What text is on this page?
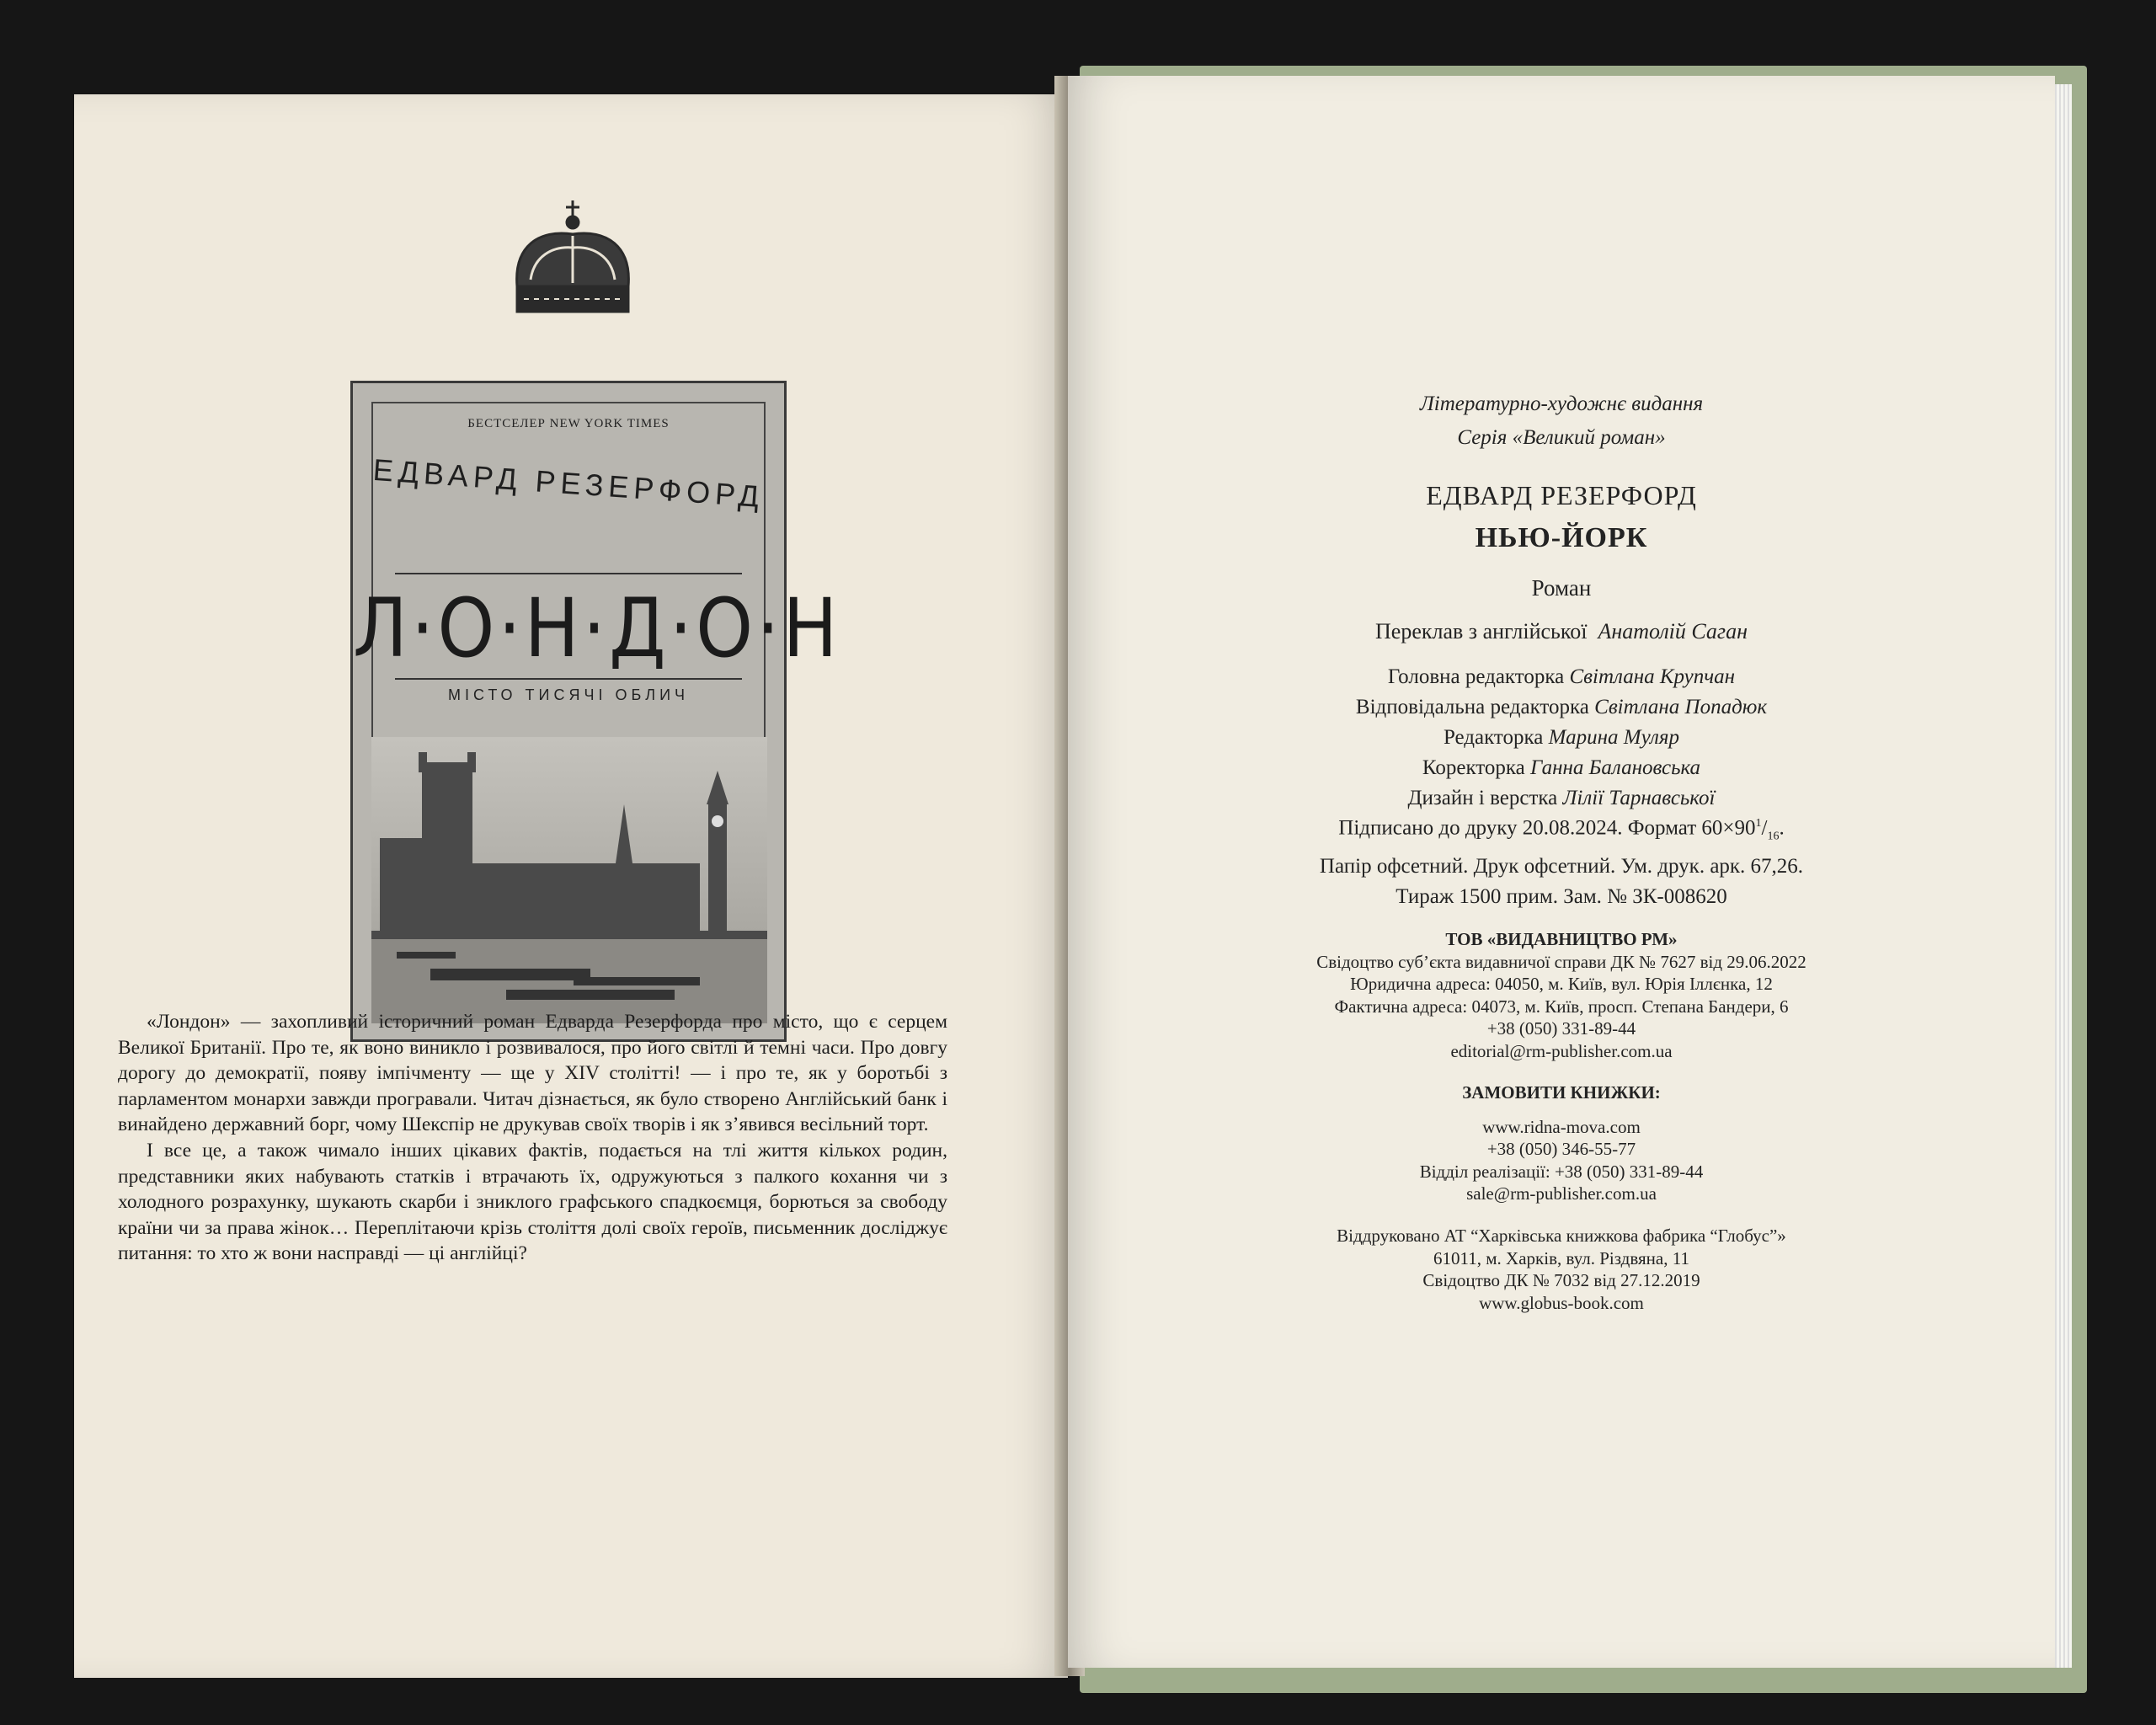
БЕСТСЕЛЕР NEW YORK TIMES
ЕДВАРД РЕЗЕРФОРД
Л·О·Н·Д·О·Н
МІСТО ТИСЯЧІ ОБЛИЧ

«Лондон» — захопливий історичний роман Едварда Резерфорда про місто, що є серцем Великої Британії. Про те, як воно виникло і розвивалося, про його світлі й темні часи. Про довгу дорогу до демократії, появу імпічменту — ще у XIV столітті! — і про те, як у боротьбі з парламентом монархи завжди програвали. Читач дізнається, як було створено Англійський банк і винайдено державний борг, чому Шекспір не друкував своїх творів і як з’явився весільний торт.

І все це, а також чимало інших цікавих фактів, подається на тлі життя кількох родин, представники яких набувають статків і втрачають їх, одружуються з палкого кохання чи з холодного розрахунку, шукають скарби і зниклого графського спадкоємця, борються за свободу країни чи за права жінок… Переплітаючи крізь століття долі своїх героїв, письменник досліджує питання: то хто ж вони насправді — ці англійці?

Літературно-художнє видання
Серія «Великий роман»
ЕДВАРД РЕЗЕРФОРД
НЬЮ-ЙОРК
Роман
Переклав з англійської Анатолій Саган
Головна редакторка Світлана Крупчан
Відповідальна редакторка Світлана Попадюк
Редакторка Марина Муляр
Коректорка Ганна Балановська
Дизайн і верстка Лілії Тарнавської
Підписано до друку 20.08.2024. Формат $60\times 90^1/_{16}$.
Папір офсетний. Друк офсетний. Ум. друк. арк. 67,26.
Тираж 1500 прим. Зам. № ЗК-008620
ТОВ «ВИДАВНИЦТВО РМ»
Свідоцтво суб’єкта видавничої справи ДК № 7627 від 29.06.2022
Юридична адреса: 04050, м. Київ, вул. Юрія Іллєнка, 12
Фактична адреса: 04073, м. Київ, просп. Степана Бандери, 6
+38 (050) 331-89-44
editorial@rm-publisher.com.ua
ЗАМОВИТИ КНИЖКИ:
www.ridna-mova.com
+38 (050) 346-55-77
Відділ реалізації: +38 (050) 331-89-44
sale@rm-publisher.com.ua
Віддруковано АТ “Харківська книжкова фабрика “Глобус”»
61011, м. Харків, вул. Різдвяна, 11
Свідоцтво ДК № 7032 від 27.12.2019
www.globus-book.com
